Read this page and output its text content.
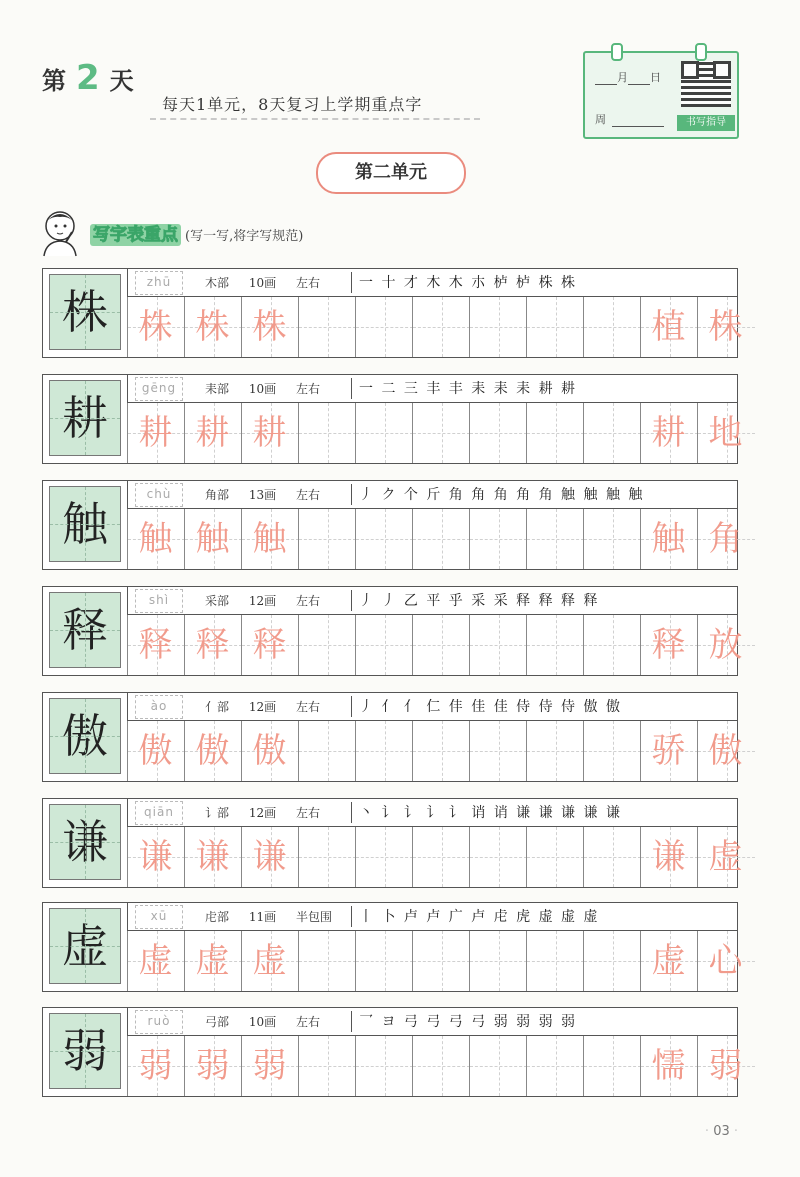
第 2 天
每天1单元，8天复习上学期重点字
月 日
周	书写指导
第二单元
写字表重点 (写一写,将字写规范)
株
zhū	木部 10画 左右	一 十 才 木 木 朩 栌 栌 株 株
株 株 株	植 株
耕
gēng	耒部 10画 左右	一 二 三 丰 丰 耒 耒 耒 耕 耕
耕 耕 耕	耕 地
触
chù	角部 13画 左右	丿 ク 个 斤 角 角 角 角 角 触 触 触 触
触 触 触	触 角
释
shì	采部 12画 左右	丿 丿 乙 平 乎 采 采 释 释 释 释
释 释 释	释 放
傲
ào	亻部 12画 左右	丿 亻 亻 仁 仹 佳 佳 侍 侍 侍 傲 傲
傲 傲 傲	骄 傲
谦
qiān	讠部 12画 左右	丶 讠 讠 讠 讠 诮 诮 谦 谦 谦 谦 谦
谦 谦 谦	谦 虚
虚
xū	虍部 11画 半包围	丨 卜 卢 卢 广 卢 虍 虎 虚 虚 虚
虚 虚 虚	虚 心
弱
ruò	弓部 10画 左右	乛 ヨ 弓 弓 弓 弓 弱 弱 弱 弱
弱 弱 弱	懦 弱
· 03 ·
